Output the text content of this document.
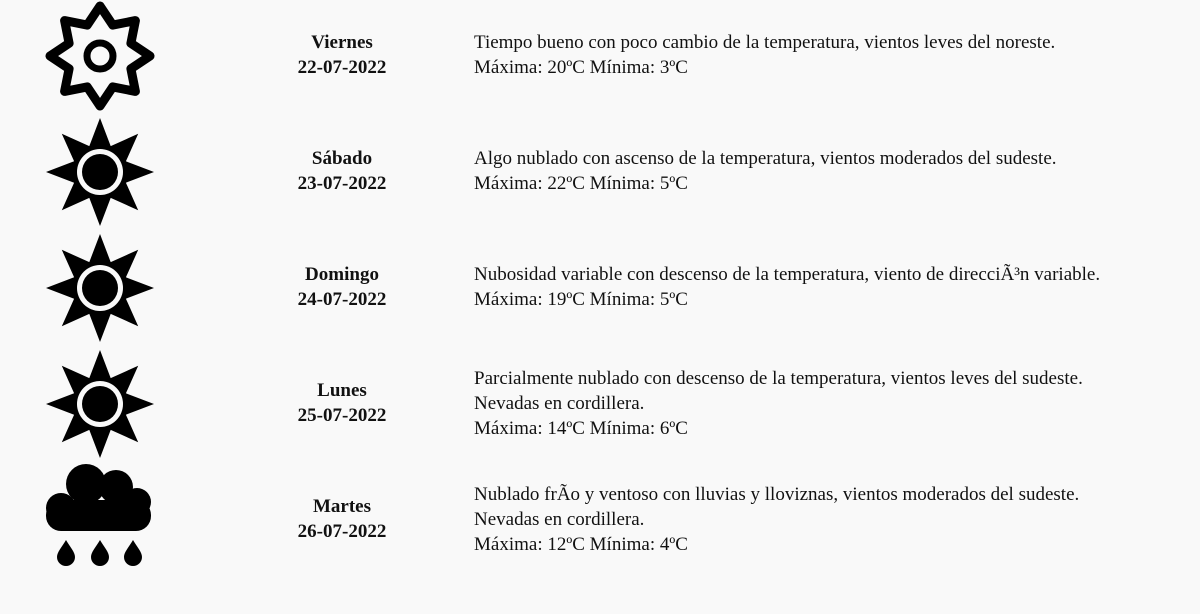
Viernes
22-07-2022
Tiempo bueno con poco cambio de la temperatura, vientos leves del noreste.
Máxima: 20ºC Mínima: 3ºC
Sábado
23-07-2022
Algo nublado con ascenso de la temperatura, vientos moderados del sudeste.
Máxima: 22ºC Mínima: 5ºC
Domingo
24-07-2022
Nubosidad variable con descenso de la temperatura, viento de direcciÃ³n variable.
Máxima: 19ºC Mínima: 5ºC
Lunes
25-07-2022
Parcialmente nublado con descenso de la temperatura, vientos leves del sudeste.
Nevadas en cordillera.
Máxima: 14ºC Mínima: 6ºC
Martes
26-07-2022
Nublado frÃo y ventoso con lluvias y lloviznas, vientos moderados del sudeste.
Nevadas en cordillera.
Máxima: 12ºC Mínima: 4ºC
